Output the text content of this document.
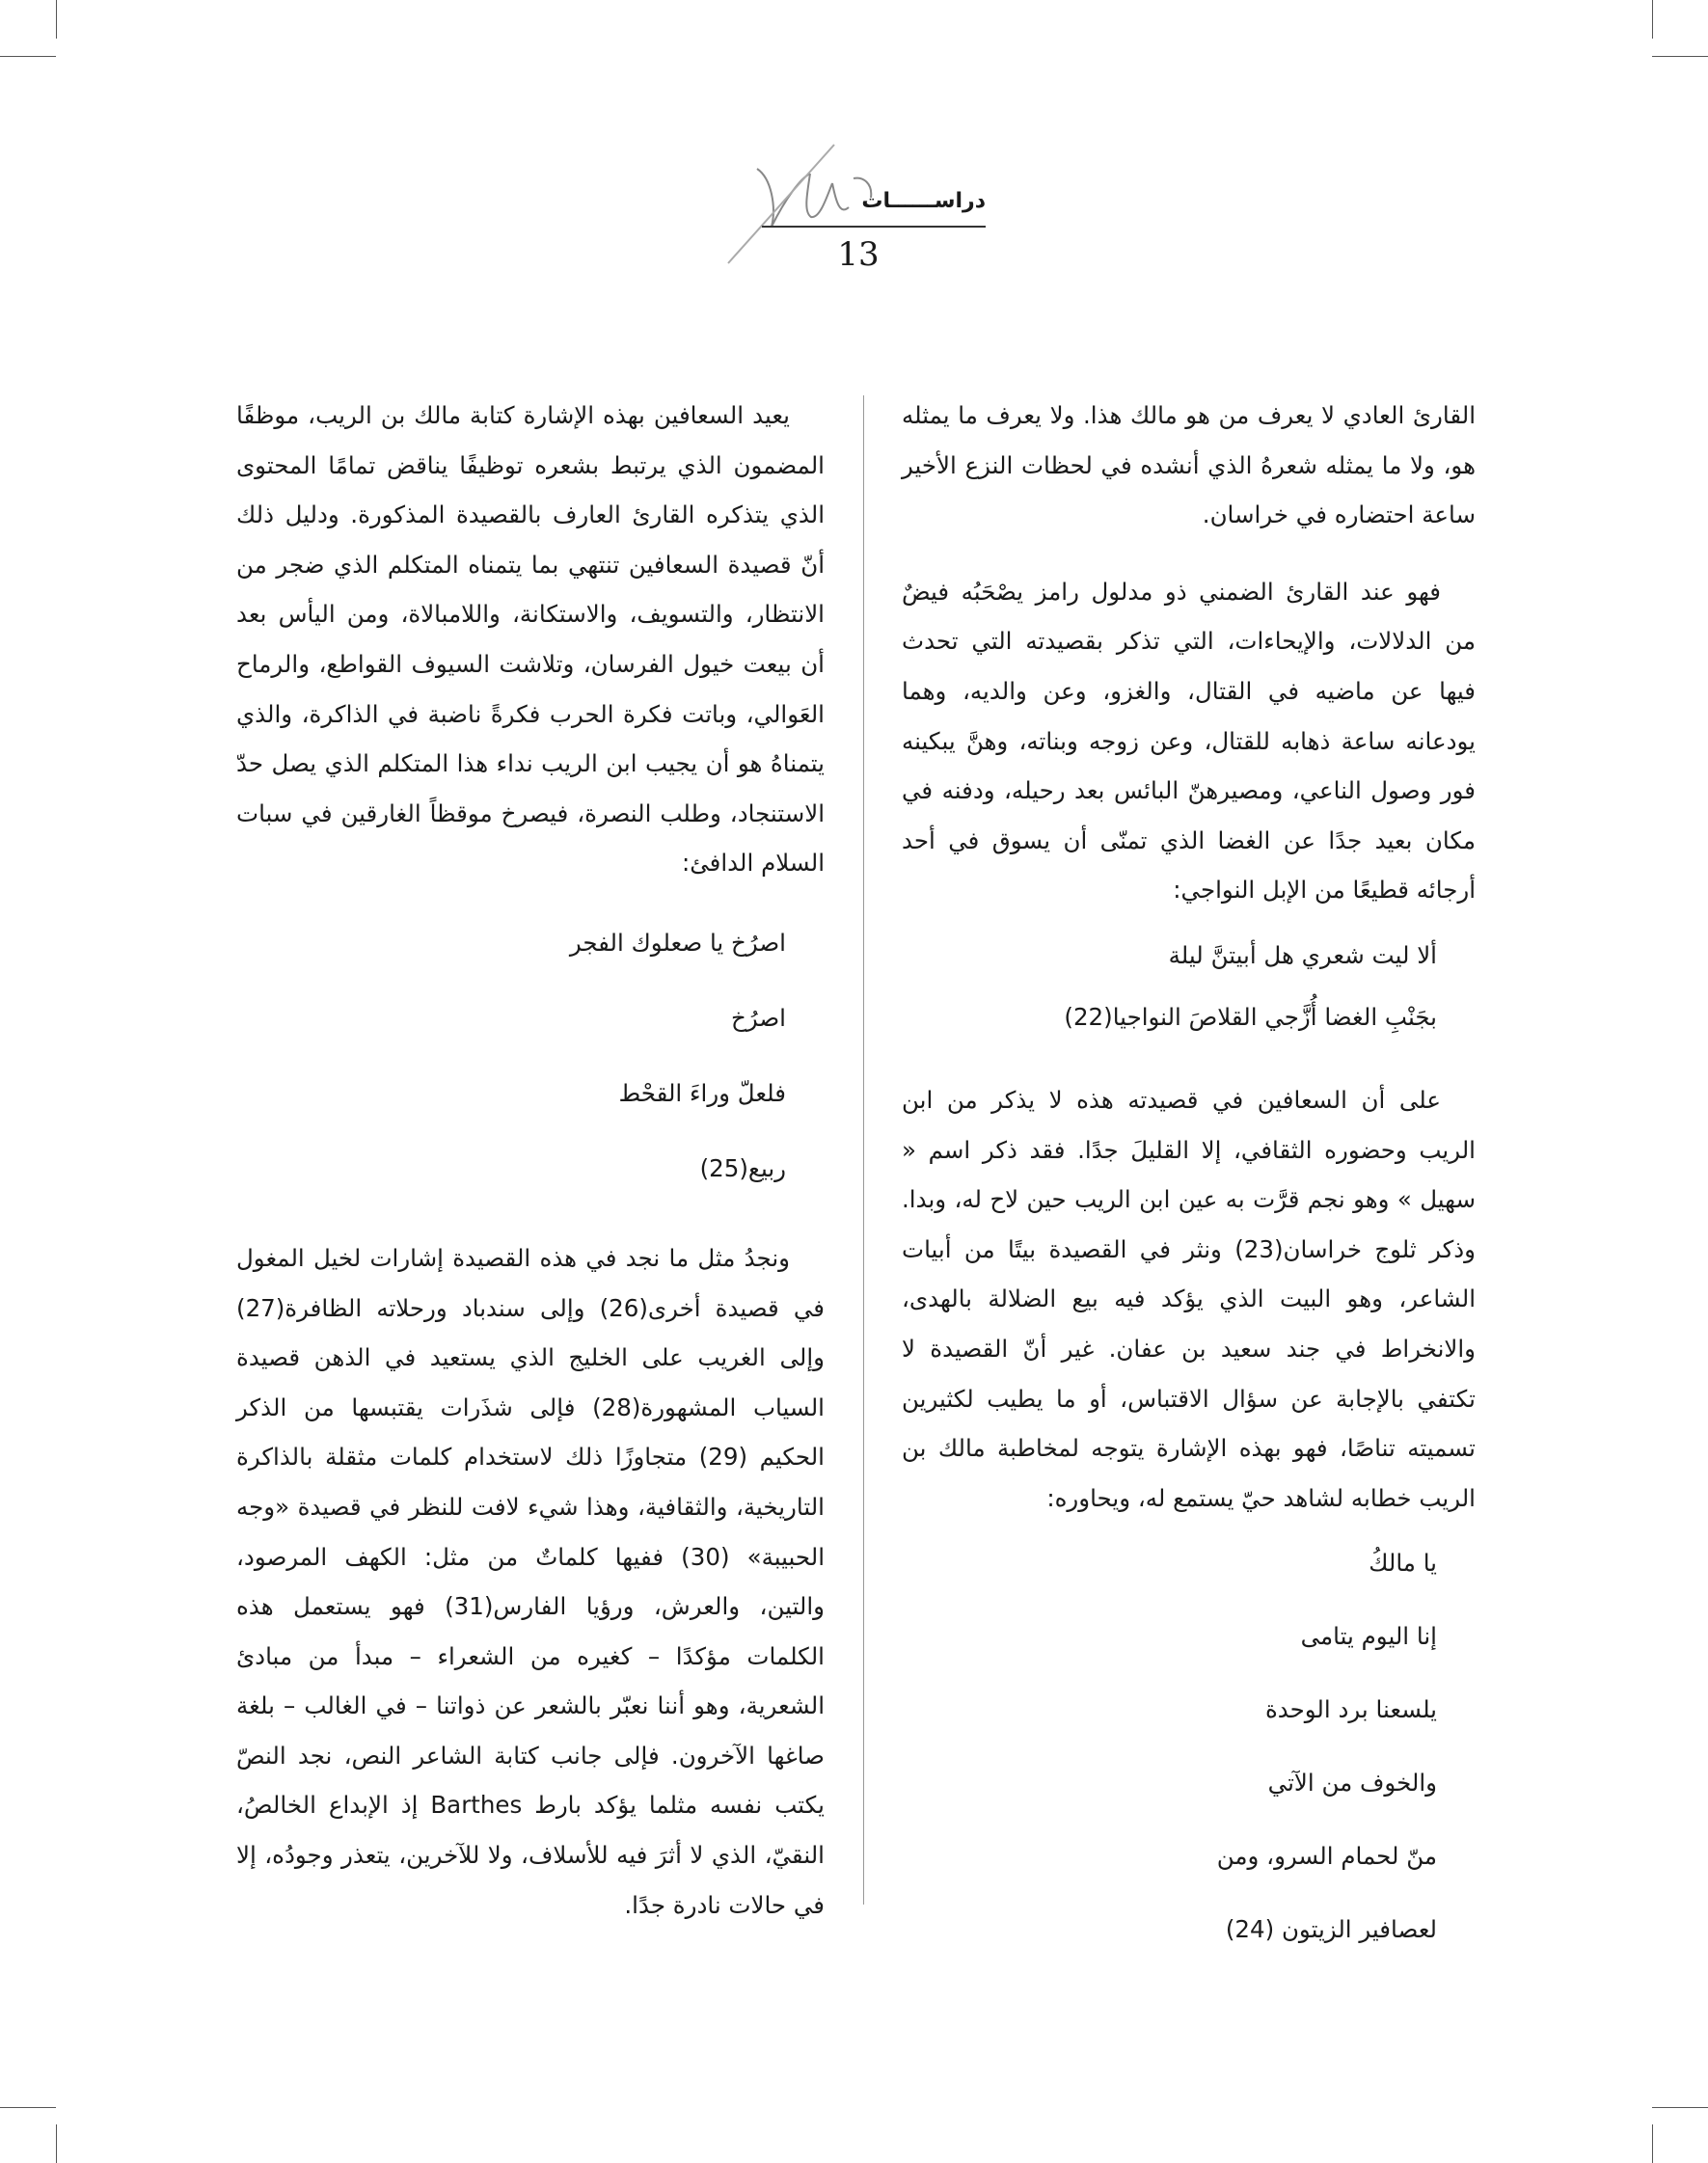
دراســــــات
13

القارئ العادي لا يعرف من هو مالك هذا. ولا يعرف ما يمثله هو، ولا ما يمثله شعرهُ الذي أنشده في لحظات النزع الأخير ساعة احتضاره في خراسان.

فهو عند القارئ الضمني ذو مدلول رامز يصْحَبُه فيضٌ من الدلالات، والإيحاءات، التي تذكر بقصيدته التي تحدث فيها عن ماضيه في القتال، والغزو، وعن والديه، وهما يودعانه ساعة ذهابه للقتال، وعن زوجه وبناته، وهنَّ يبكينه فور وصول الناعي، ومصيرهنّ البائس بعد رحيله، ودفنه في مكان بعيد جدًا عن الغضا الذي تمنّى أن يسوق في أحد أرجائه قطيعًا من الإبل النواجي:

ألا ليت شعري هل أبيتنَّ ليلة
بجَنْبِ الغضا أُزَّجي القلاصَ النواجيا(22)

على أن السعافين في قصيدته هذه لا يذكر من ابن الريب وحضوره الثقافي، إلا القليلَ جدًا. فقد ذكر اسم « سهيل » وهو نجم قرَّت به عين ابن الريب حين لاح له، وبدا. وذكر ثلوج خراسان(23) ونثر في القصيدة بيتًا من أبيات الشاعر، وهو البيت الذي يؤكد فيه بيع الضلالة بالهدى، والانخراط في جند سعيد بن عفان. غير أنّ القصيدة لا تكتفي بالإجابة عن سؤال الاقتباس، أو ما يطيب لكثيرين تسميته تناصًا، فهو بهذه الإشارة يتوجه لمخاطبة مالك بن الريب خطابه لشاهد حيّ يستمع له، ويحاوره:

يا مالكُ
إنا اليوم يتامى
يلسعنا برد الوحدة
والخوف من الآتي
منّ لحمام السرو، ومن
لعصافير الزيتون (24)

يعيد السعافين بهذه الإشارة كتابة مالك بن الريب، موظفًا المضمون الذي يرتبط بشعره توظيفًا يناقض تمامًا المحتوى الذي يتذكره القارئ العارف بالقصيدة المذكورة. ودليل ذلك أنّ قصيدة السعافين تنتهي بما يتمناه المتكلم الذي ضجر من الانتظار، والتسويف، والاستكانة، واللامبالاة، ومن اليأس بعد أن بيعت خيول الفرسان، وتلاشت السيوف القواطع، والرماح العَوالي، وباتت فكرة الحرب فكرةً ناضبة في الذاكرة، والذي يتمناهُ هو أن يجيب ابن الريب نداء هذا المتكلم الذي يصل حدّ الاستنجاد، وطلب النصرة، فيصرخ موقظاً الغارقين في سبات السلام الدافئ:

اصرُخ يا صعلوك الفجر
اصرُخ
فلعلّ وراءَ القحْط
ربيع(25)

ونجدُ مثل ما نجد في هذه القصيدة إشارات لخيل المغول في قصيدة أخرى(26) وإلى سندباد ورحلاته الظافرة(27) وإلى الغريب على الخليج الذي يستعيد في الذهن قصيدة السياب المشهورة(28) فإلى شذَرات يقتبسها من الذكر الحكيم (29) متجاوزًا ذلك لاستخدام كلمات مثقلة بالذاكرة التاريخية، والثقافية، وهذا شيء لافت للنظر في قصيدة «وجه الحبيبة» (30) ففيها كلماتٌ من مثل: الكهف المرصود، والتين، والعرش، ورؤيا الفارس(31) فهو يستعمل هذه الكلمات مؤكدًا – كغيره من الشعراء – مبدأ من مبادئ الشعرية، وهو أننا نعبّر بالشعر عن ذواتنا – في الغالب – بلغة صاغها الآخرون. فإلى جانب كتابة الشاعر النص، نجد النصّ يكتب نفسه مثلما يؤكد بارط Barthes إذ الإبداع الخالصُ، النقيّ، الذي لا أثرَ فيه للأسلاف، ولا للآخرين، يتعذر وجودُه، إلا في حالات نادرة جدًا.
